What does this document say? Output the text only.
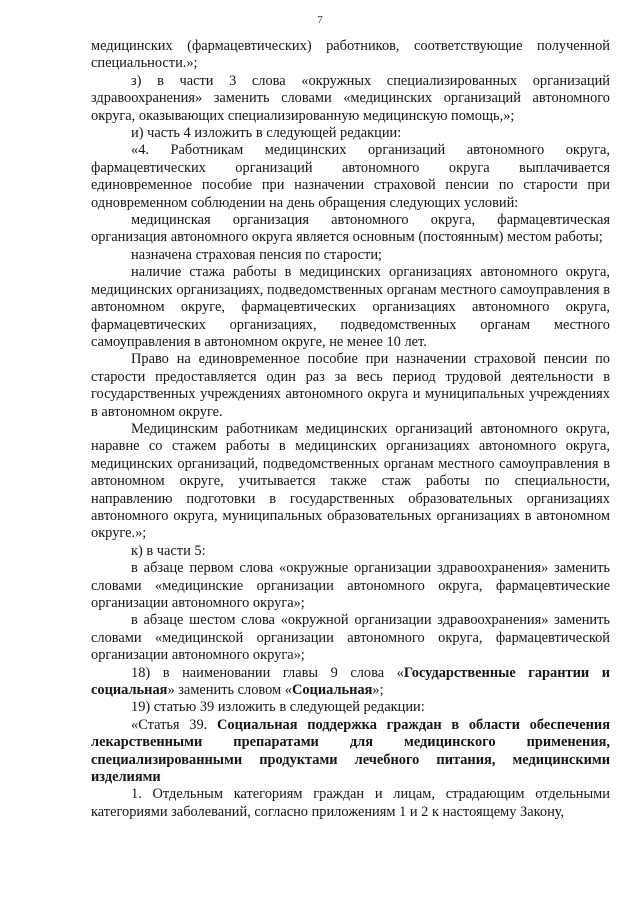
7

медицинских (фармацевтических) работников, соответствующие полученной специальности.»;

з) в части 3 слова «окружных специализированных организаций здравоохранения» заменить словами «медицинских организаций автономного округа, оказывающих специализированную медицинскую помощь,»;

и) часть 4 изложить в следующей редакции:

«4. Работникам медицинских организаций автономного округа, фармацевтических организаций автономного округа выплачивается единовременное пособие при назначении страховой пенсии по старости при одновременном соблюдении на день обращения следующих условий:

медицинская организация автономного округа, фармацевтическая организация автономного округа является основным (постоянным) местом работы;

назначена страховая пенсия по старости;

наличие стажа работы в медицинских организациях автономного округа, медицинских организациях, подведомственных органам местного самоуправления в автономном округе, фармацевтических организациях автономного округа, фармацевтических организациях, подведомственных органам местного самоуправления в автономном округе, не менее 10 лет.

Право на единовременное пособие при назначении страховой пенсии по старости предоставляется один раз за весь период трудовой деятельности в государственных учреждениях автономного округа и муниципальных учреждениях в автономном округе.

Медицинским работникам медицинских организаций автономного округа, наравне со стажем работы в медицинских организациях автономного округа, медицинских организаций, подведомственных органам местного самоуправления в автономном округе, учитывается также стаж работы по специальности, направлению подготовки в государственных образовательных организациях автономного округа, муниципальных образовательных организациях в автономном округе.»;

к) в части 5:

в абзаце первом слова «окружные организации здравоохранения» заменить словами «медицинские организации автономного округа, фармацевтические организации автономного округа»;

в абзаце шестом слова «окружной организации здравоохранения» заменить словами «медицинской организации автономного округа, фармацевтической организации автономного округа»;

18) в наименовании главы 9 слова «Государственные гарантии и социальная» заменить словом «Социальная»;

19) статью 39 изложить в следующей редакции:

«Статья 39. Социальная поддержка граждан в области обеспечения лекарственными препаратами для медицинского применения, специализированными продуктами лечебного питания, медицинскими изделиями

1. Отдельным категориям граждан и лицам, страдающим отдельными категориями заболеваний, согласно приложениям 1 и 2 к настоящему Закону,
